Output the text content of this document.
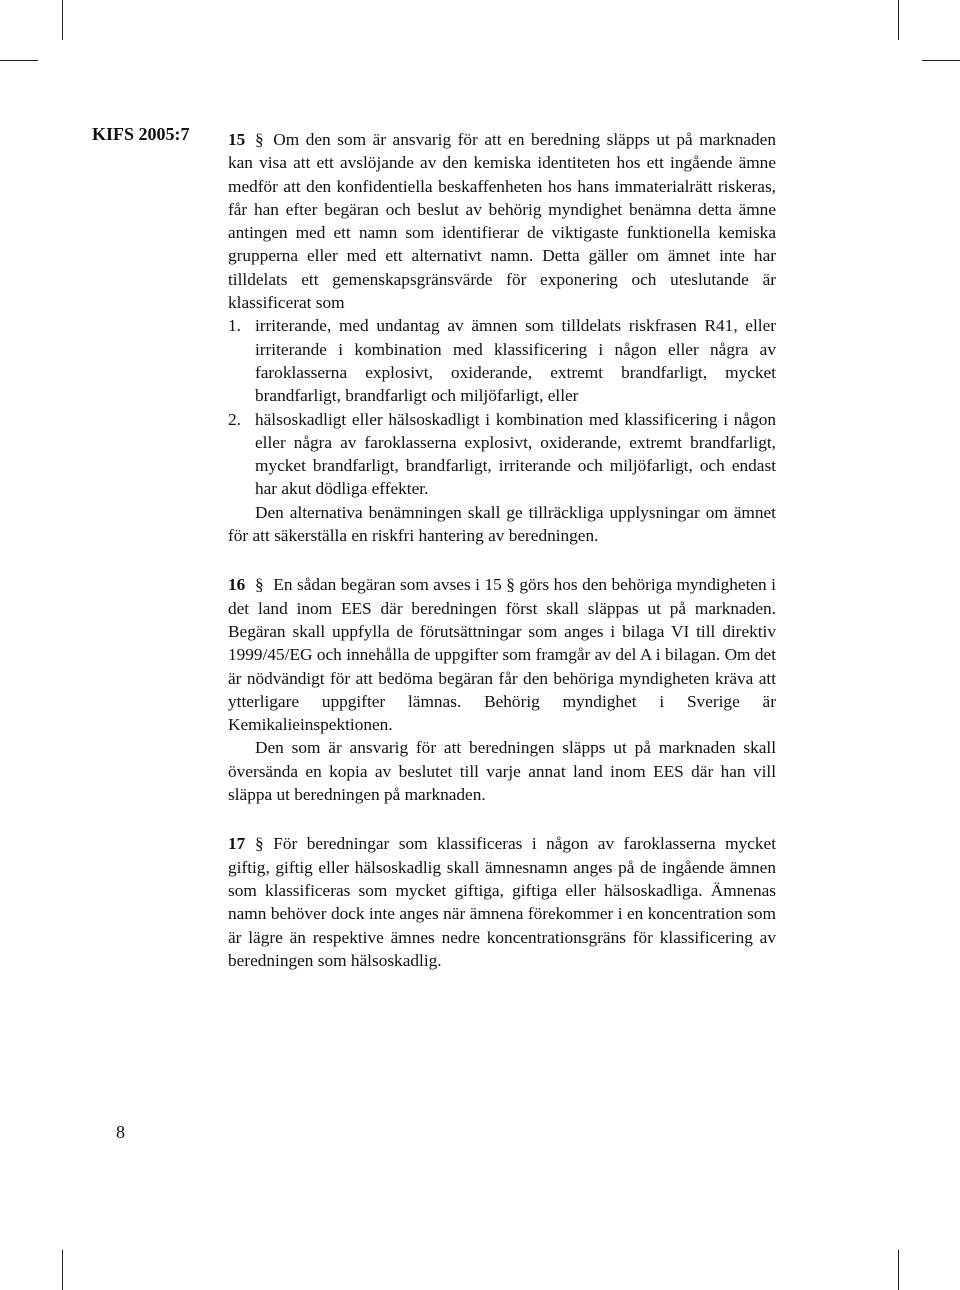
KIFS 2005:7
8

15 § Om den som är ansvarig för att en beredning släpps ut på marknaden kan visa att ett avslöjande av den kemiska identiteten hos ett ingående ämne medför att den konfidentiella beskaffenheten hos hans immaterialrätt riskeras, får han efter begäran och beslut av behörig myndighet benämna detta ämne antingen med ett namn som identifierar de viktigaste funktionella kemiska grupperna eller med ett alternativt namn. Detta gäller om ämnet inte har tilldelats ett gemenskapsgränsvärde för exponering och uteslutande är klassificerat som

1. irriterande, med undantag av ämnen som tilldelats riskfrasen R41, eller irriterande i kombination med klassificering i någon eller några av faroklasserna explosivt, oxiderande, extremt brandfarligt, mycket brandfarligt, brandfarligt och miljöfarligt, eller
2. hälsoskadligt eller hälsoskadligt i kombination med klassificering i någon eller några av faroklasserna explosivt, oxiderande, extremt brandfarligt, mycket brandfarligt, brandfarligt, irriterande och miljöfarligt, och endast har akut dödliga effekter.

Den alternativa benämningen skall ge tillräckliga upplysningar om ämnet för att säkerställa en riskfri hantering av beredningen.

16 § En sådan begäran som avses i 15 § görs hos den behöriga myndigheten i det land inom EES där beredningen först skall släppas ut på marknaden. Begäran skall uppfylla de förutsättningar som anges i bilaga VI till direktiv 1999/45/EG och innehålla de uppgifter som framgår av del A i bilagan. Om det är nödvändigt för att bedöma begäran får den behöriga myndigheten kräva att ytterligare uppgifter lämnas. Behörig myndighet i Sverige är Kemikalieinspektionen.

Den som är ansvarig för att beredningen släpps ut på marknaden skall översända en kopia av beslutet till varje annat land inom EES där han vill släppa ut beredningen på marknaden.

17 § För beredningar som klassificeras i någon av faroklasserna mycket giftig, giftig eller hälsoskadlig skall ämnesnamn anges på de ingående ämnen som klassificeras som mycket giftiga, giftiga eller hälsoskadliga. Ämnenas namn behöver dock inte anges när ämnena förekommer i en koncentration som är lägre än respektive ämnes nedre koncentrationsgräns för klassificering av beredningen som hälsoskadlig.
